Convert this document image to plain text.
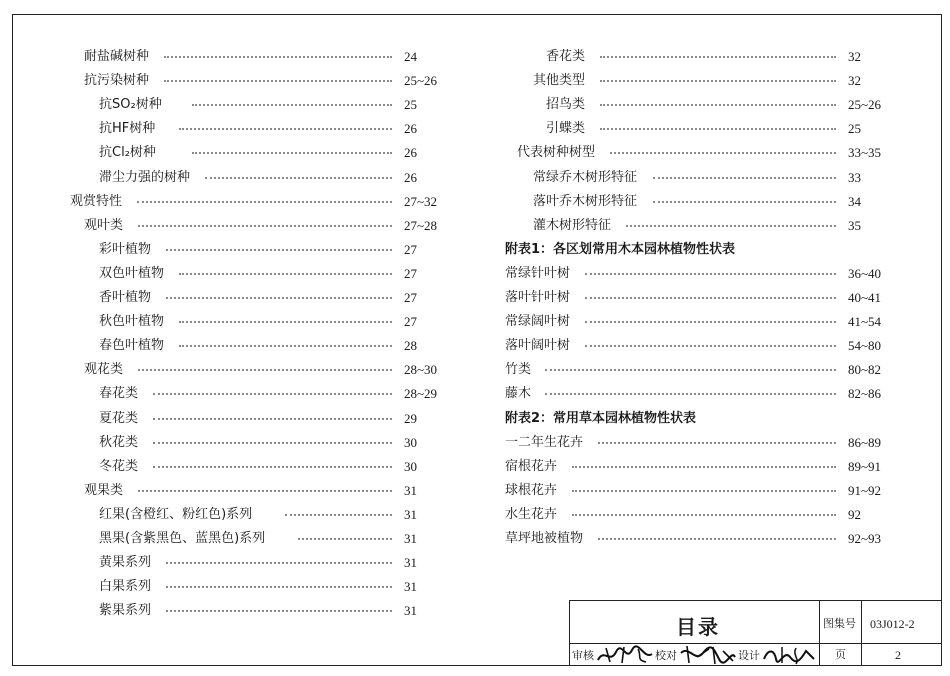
耐盐碱树种	24
抗污染树种	25~26
抗SO₂树种	25
抗HF树种	26
抗Cl₂树种	26
滞尘力强的树种	26
观赏特性	27~32
观叶类	27~28
彩叶植物	27
双色叶植物	27
香叶植物	27
秋色叶植物	27
春色叶植物	28
观花类	28~30
春花类	28~29
夏花类	29
秋花类	30
冬花类	30
观果类	31
红果(含橙红、粉红色)系列	31
黑果(含紫黑色、蓝黑色)系列	31
黄果系列	31
白果系列	31
紫果系列	31
香花类	32
其他类型	32
招鸟类	25~26
引蝶类	25
代表树种树型	33~35
常绿乔木树形特征	33
落叶乔木树形特征	34
灌木树形特征	35
附表1：各区划常用木本园林植物性状表
常绿针叶树	36~40
落叶针叶树	40~41
常绿阔叶树	41~54
落叶阔叶树	54~80
竹类	80~82
藤木	82~86
附表2：常用草本园林植物性状表
一二年生花卉	86~89
宿根花卉	89~91
球根花卉	91~92
水生花卉	92
草坪地被植物	92~93
目录	图集号 03J012-2
页	2
审核	校对	设计
